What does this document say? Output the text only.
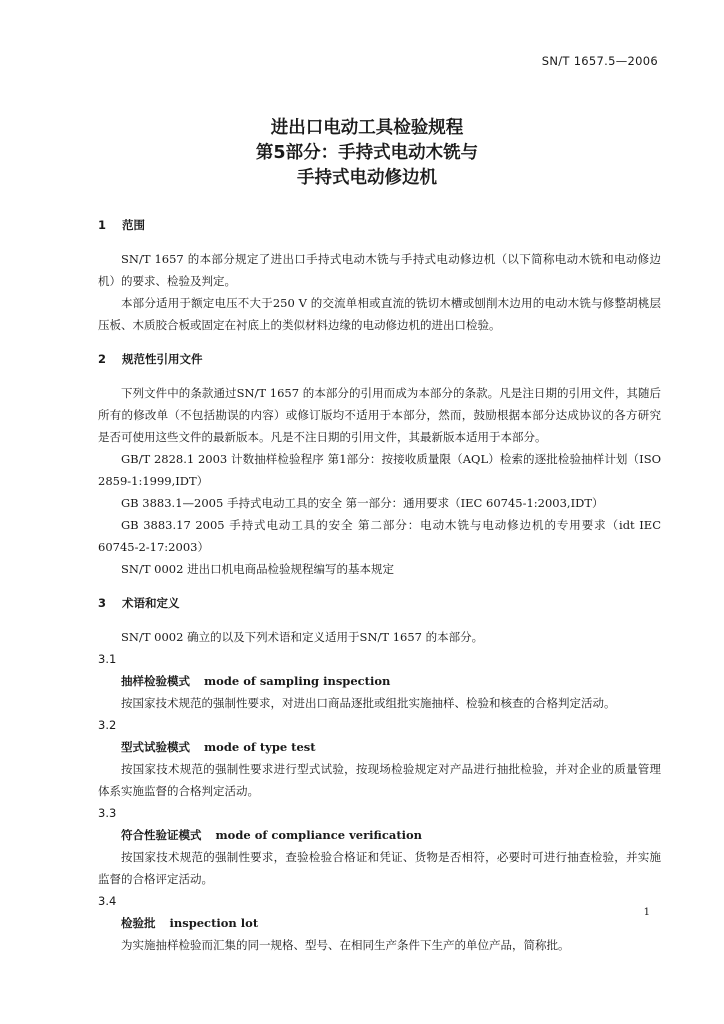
SN/T 1657.5—2006
进出口电动工具检验规程
第5部分：手持式电动木铣与
手持式电动修边机
1 范围

SN/T 1657 的本部分规定了进出口手持式电动木铣与手持式电动修边机（以下简称电动木铣和电动修边机）的要求、检验及判定。

本部分适用于额定电压不大于250 V 的交流单相或直流的铣切木槽或刨削木边用的电动木铣与修整胡桃层压板、木质胶合板或固定在衬底上的类似材料边缘的电动修边机的进出口检验。

2 规范性引用文件

下列文件中的条款通过SN/T 1657 的本部分的引用而成为本部分的条款。凡是注日期的引用文件，其随后所有的修改单（不包括勘误的内容）或修订版均不适用于本部分，然而，鼓励根据本部分达成协议的各方研究是否可使用这些文件的最新版本。凡是不注日期的引用文件，其最新版本适用于本部分。

GB/T 2828.1 2003 计数抽样检验程序 第1部分：按接收质量限（AQL）检索的逐批检验抽样计划（ISO 2859-1:1999,IDT）

GB 3883.1—2005 手持式电动工具的安全 第一部分：通用要求（IEC 60745-1:2003,IDT）

GB 3883.17 2005 手持式电动工具的安全 第二部分：电动木铣与电动修边机的专用要求（idt IEC 60745-2-17:2003）

SN/T 0002 进出口机电商品检验规程编写的基本规定

3 术语和定义

SN/T 0002 确立的以及下列术语和定义适用于SN/T 1657 的本部分。

3.1

抽样检验模式 mode of sampling inspection

按国家技术规范的强制性要求，对进出口商品逐批或组批实施抽样、检验和核查的合格判定活动。

3.2

型式试验模式 mode of type test

按国家技术规范的强制性要求进行型式试验，按现场检验规定对产品进行抽批检验，并对企业的质量管理体系实施监督的合格判定活动。

3.3

符合性验证模式 mode of compliance verification

按国家技术规范的强制性要求，查验检验合格证和凭证、货物是否相符，必要时可进行抽查检验，并实施监督的合格评定活动。

3.4

检验批 inspection lot

为实施抽样检验而汇集的同一规格、型号、在相同生产条件下生产的单位产品，简称批。

1
